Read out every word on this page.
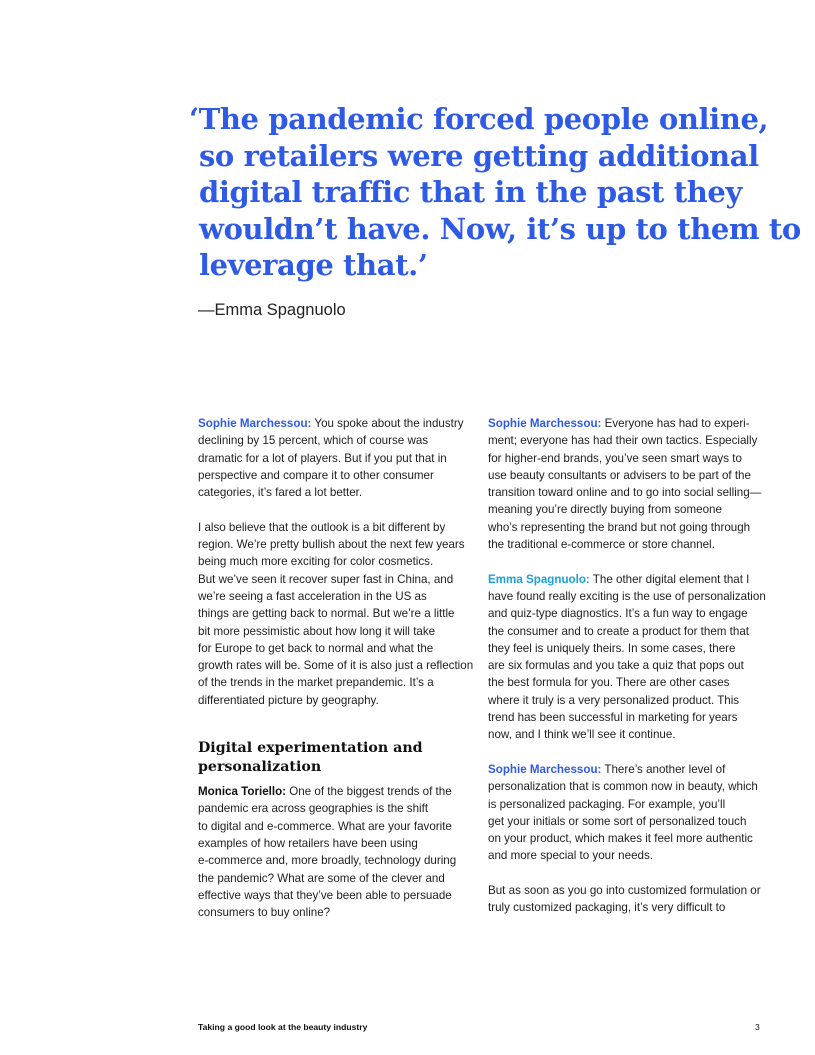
‘The pandemic forced people online,
so retailers were getting additional
digital traffic that in the past they
wouldn’t have. Now, it’s up to them to
leverage that.’
—Emma Spagnuolo

Sophie Marchessou: You spoke about the industry
declining by 15 percent, which of course was
dramatic for a lot of players. But if you put that in
perspective and compare it to other consumer
categories, it’s fared a lot better.

I also believe that the outlook is a bit different by
region. We’re pretty bullish about the next few years
being much more exciting for color cosmetics.
But we’ve seen it recover super fast in China, and
we’re seeing a fast acceleration in the US as
things are getting back to normal. But we’re a little
bit more pessimistic about how long it will take
for Europe to get back to normal and what the
growth rates will be. Some of it is also just a reflection
of the trends in the market prepandemic. It’s a
differentiated picture by geography.

Digital experimentation and
personalization

Monica Toriello: One of the biggest trends of the
pandemic era across geographies is the shift
to digital and e-commerce. What are your favorite
examples of how retailers have been using
e-commerce and, more broadly, technology during
the pandemic? What are some of the clever and
effective ways that they’ve been able to persuade
consumers to buy online?

Sophie Marchessou: Everyone has had to experi-
ment; everyone has had their own tactics. Especially
for higher-end brands, you’ve seen smart ways to
use beauty consultants or advisers to be part of the
transition toward online and to go into social selling—
meaning you’re directly buying from someone
who’s representing the brand but not going through
the traditional e-commerce or store channel.

Emma Spagnuolo: The other digital element that I
have found really exciting is the use of personalization
and quiz-type diagnostics. It’s a fun way to engage
the consumer and to create a product for them that
they feel is uniquely theirs. In some cases, there
are six formulas and you take a quiz that pops out
the best formula for you. There are other cases
where it truly is a very personalized product. This
trend has been successful in marketing for years
now, and I think we’ll see it continue.

Sophie Marchessou: There’s another level of
personalization that is common now in beauty, which
is personalized packaging. For example, you’ll
get your initials or some sort of personalized touch
on your product, which makes it feel more authentic
and more special to your needs.

But as soon as you go into customized formulation or
truly customized packaging, it’s very difficult to

Taking a good look at the beauty industry	3
